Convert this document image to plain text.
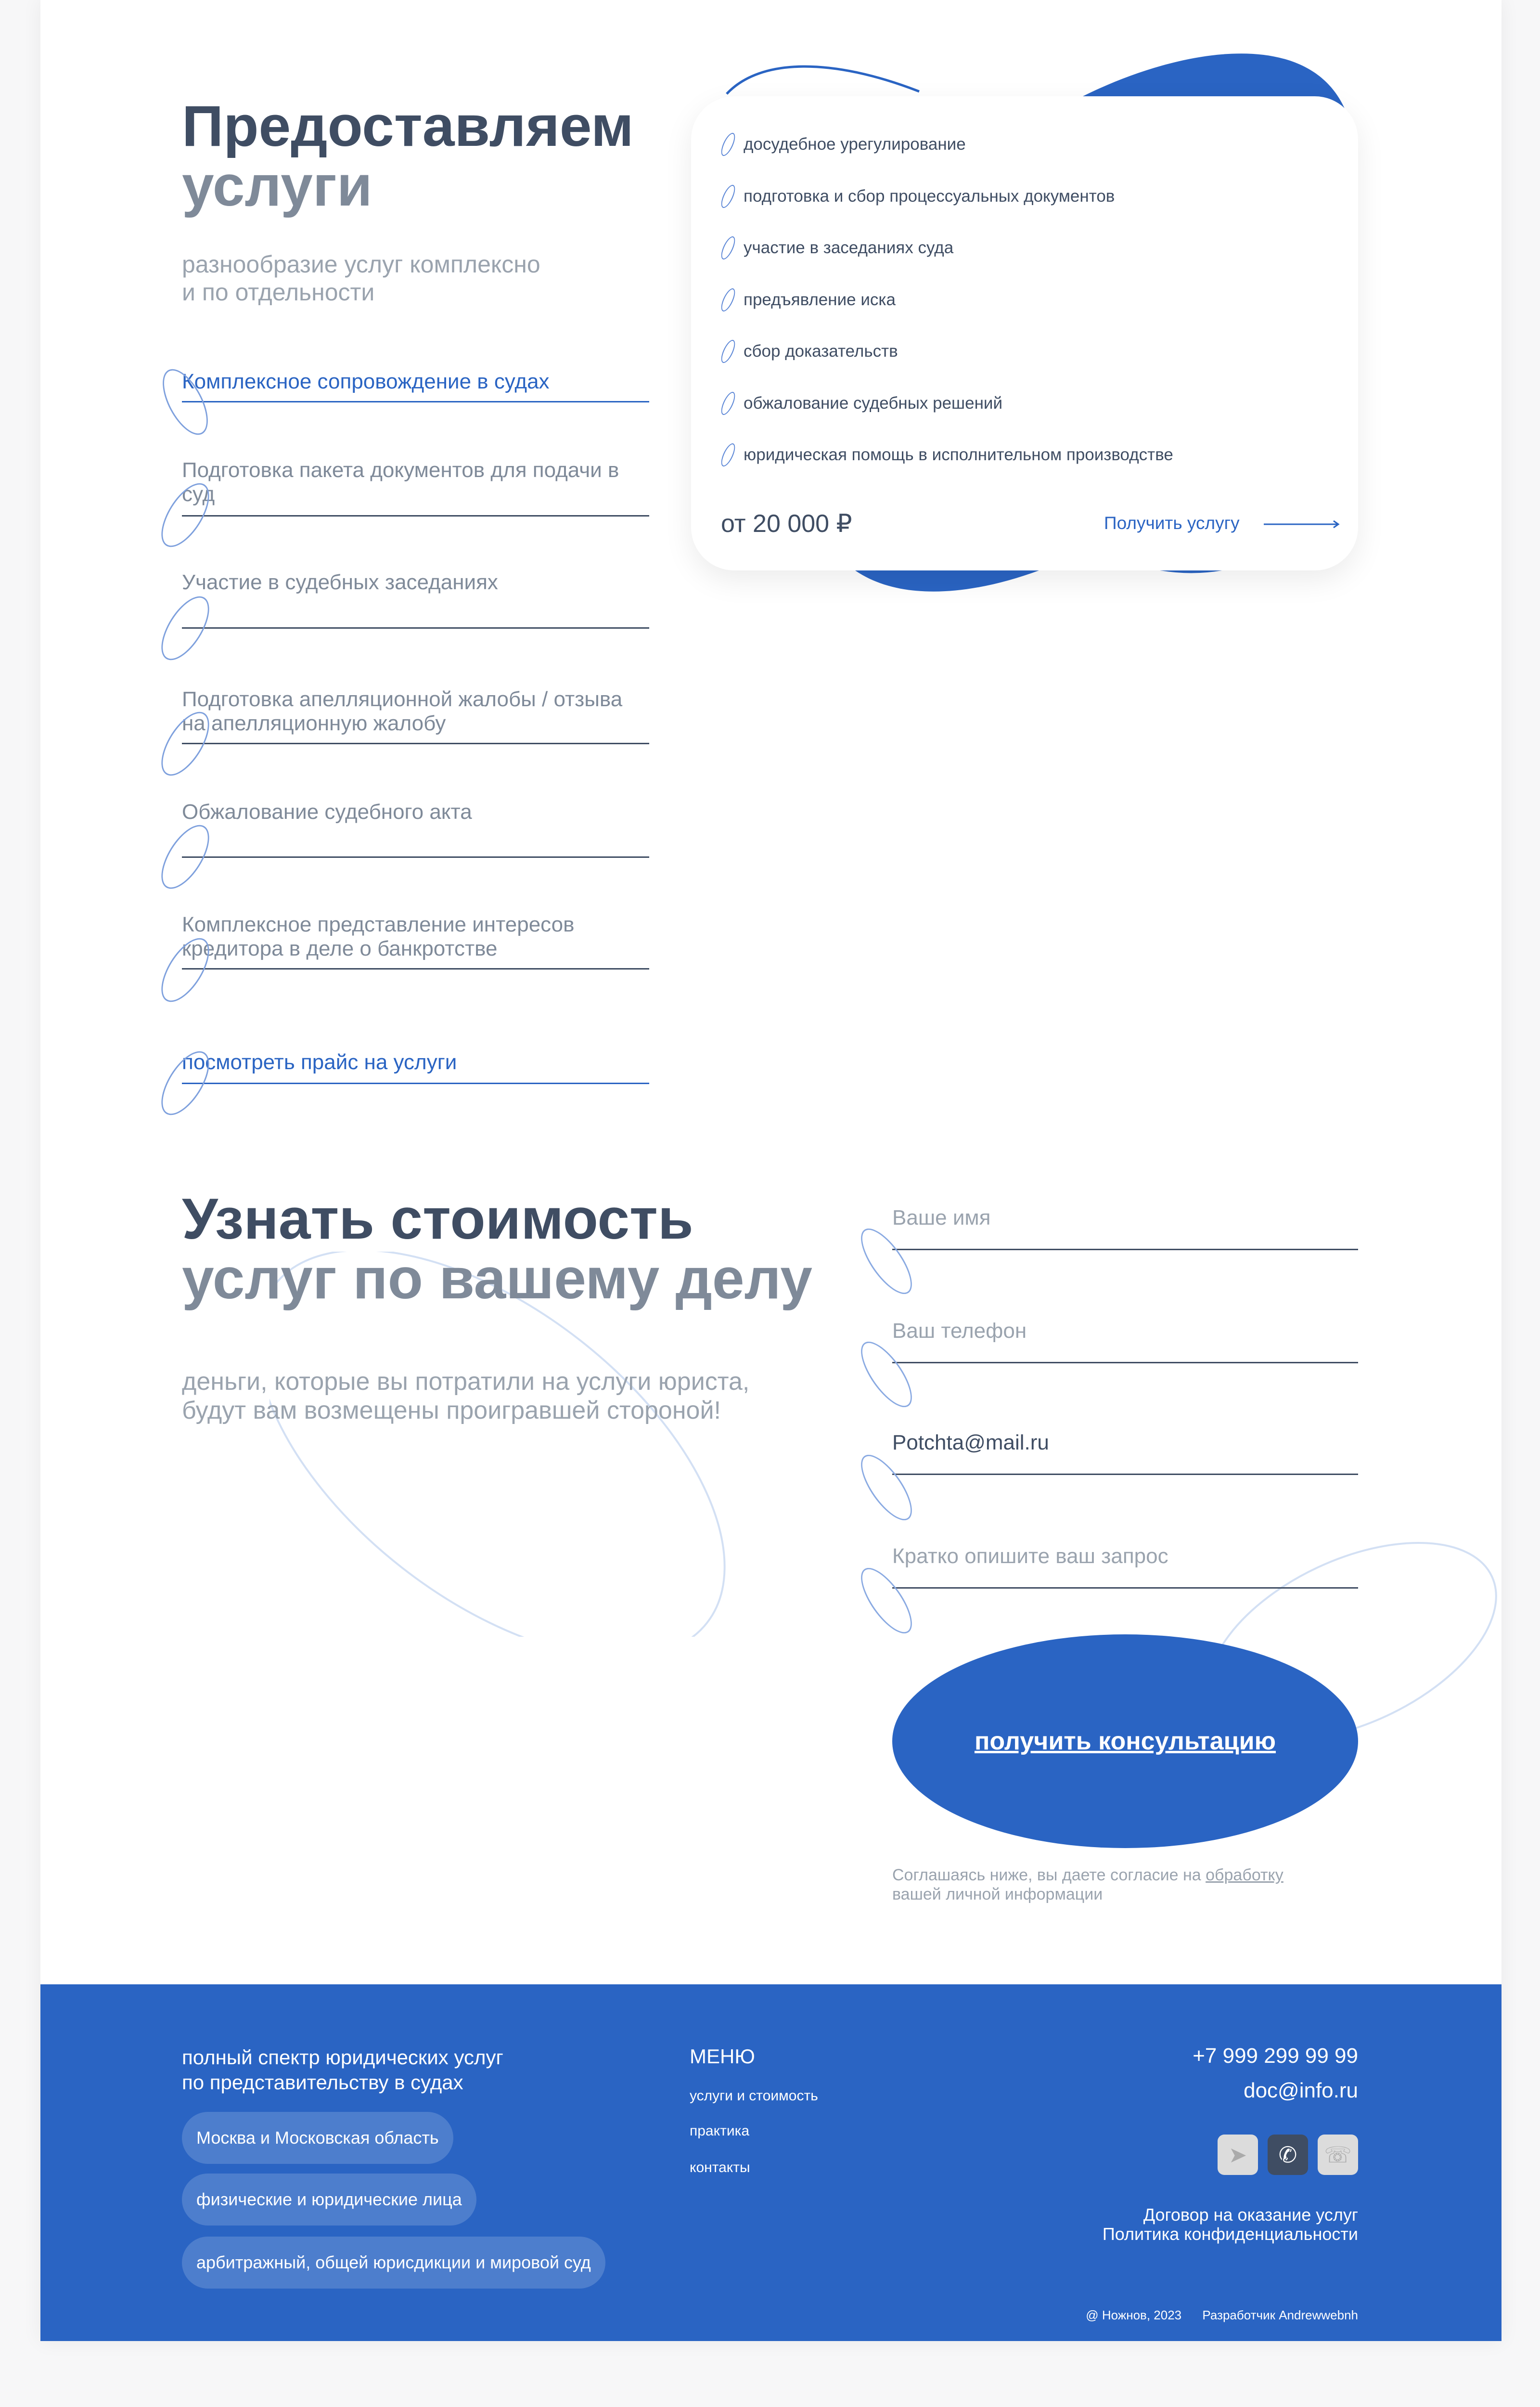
Предоставляем
услуги
разнообразие услуг комплексно
и по отдельности
Комплексное сопровождение в судах
Подготовка пакета документов для подачи в суд
Участие в судебных заседаниях
Подготовка апелляционной жалобы / отзыва на апелляционную жалобу
Обжалование судебного акта
Комплексное представление интересов кредитора в деле о банкротстве
посмотреть прайс на услуги
досудебное урегулирование
подготовка и сбор процессуальных документов
участие в заседаниях суда
предъявление иска
сбор доказательств
обжалование судебных решений
юридическая помощь в исполнительном производстве
от 20 000 ₽	Получить услугу
Узнать стоимость
услуг по вашему делу
деньги, которые вы потратили на услуги юриста,
будут вам возмещены проигравшей стороной!
Ваше имя
Ваш телефон
Potchta@mail.ru
Кратко опишите ваш запрос
получить консультацию
Соглашаясь ниже, вы даете согласие на обработку
вашей личной информации
полный спектр юридических услуг
по представительству в судах
Москва и Московская область
физические и юридические лица
арбитражный, общей юрисдикции и мировой суд
МЕНЮ
услуги и стоимость
практика
контакты
+7 999 299 99 99
doc@info.ru
➤	✆	☏
Договор на оказание услуг
Политика конфиденциальности
@ Ножнов, 2023 Разработчик Andrewwebnh
